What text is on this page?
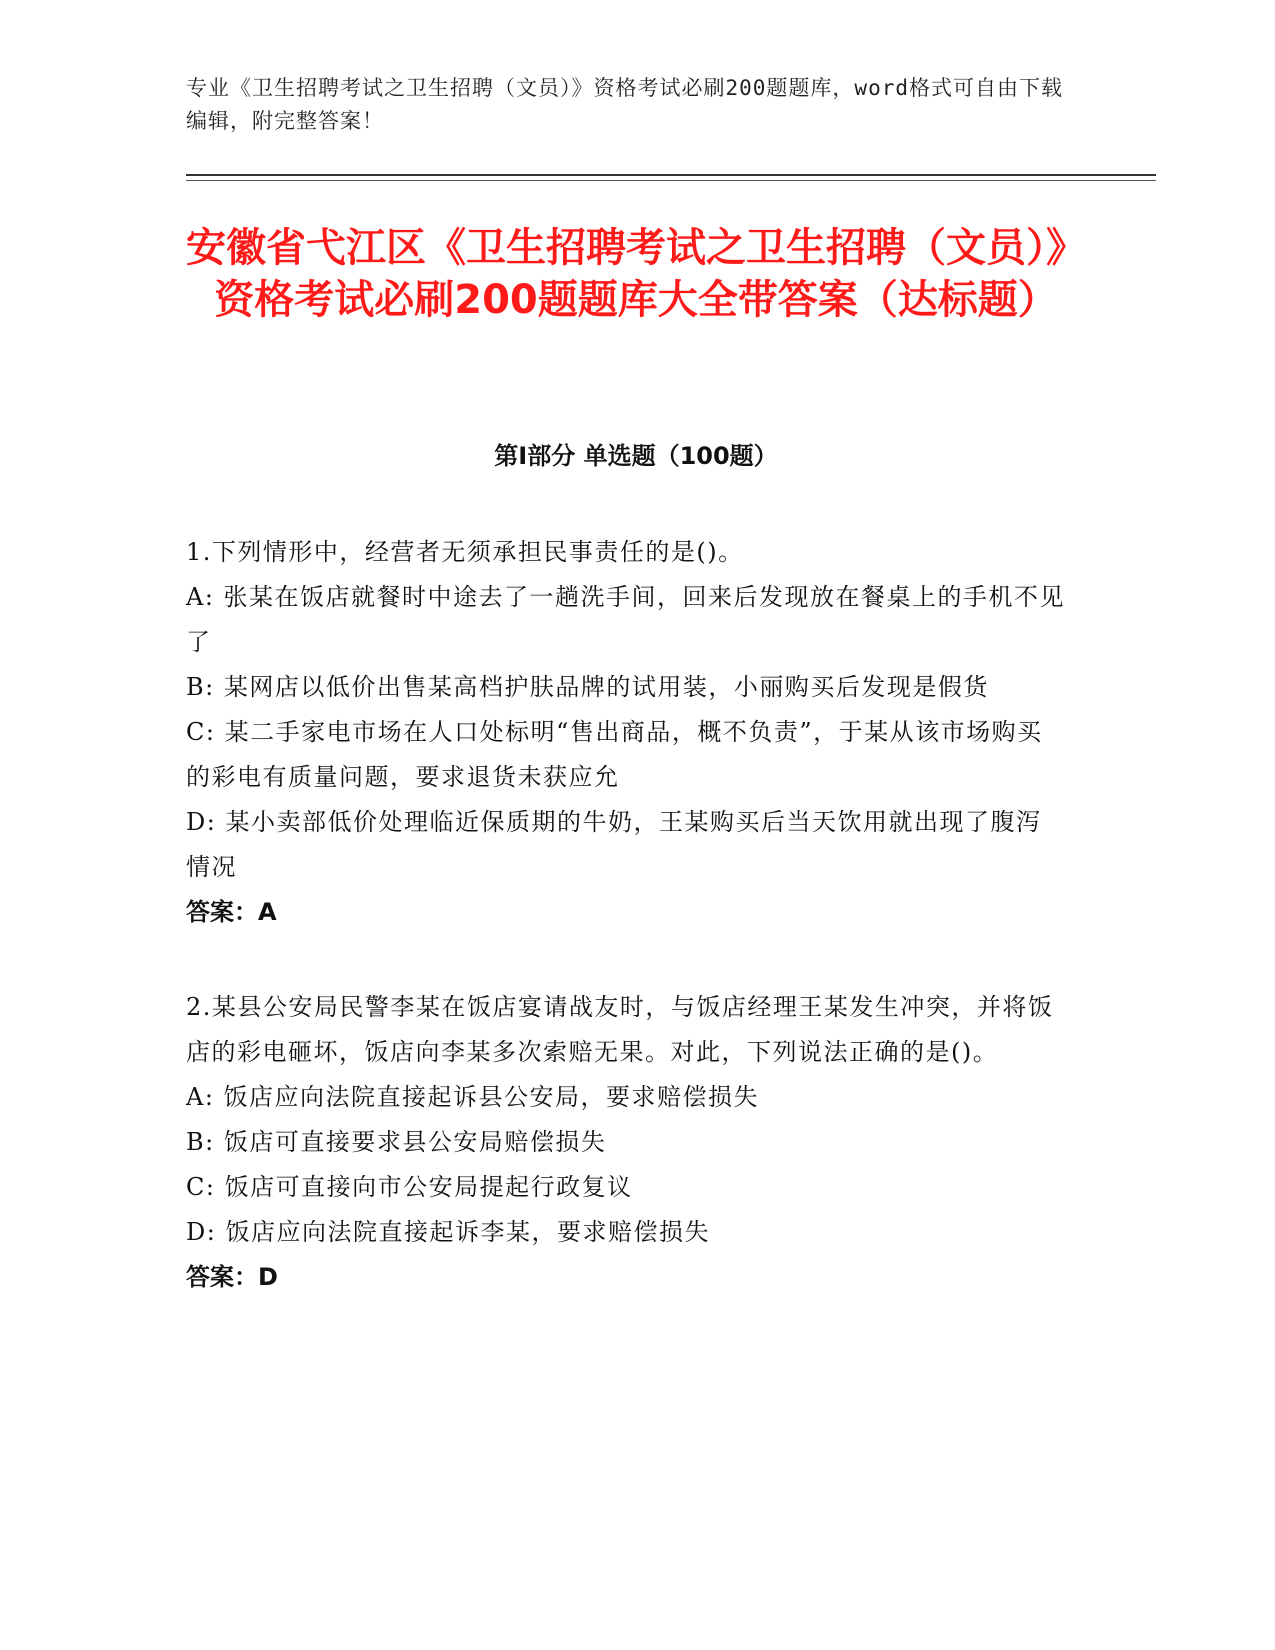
专业《卫生招聘考试之卫生招聘（文员）》资格考试必刷200题题库，word格式可自由下载编辑，附完整答案！
安徽省弋江区《卫生招聘考试之卫生招聘（文员）》资格考试必刷200题题库大全带答案（达标题）
第I部分 单选题（100题）
1.下列情形中，经营者无须承担民事责任的是()。
A: 张某在饭店就餐时中途去了一趟洗手间，回来后发现放在餐桌上的手机不见了
B: 某网店以低价出售某高档护肤品牌的试用装，小丽购买后发现是假货
C: 某二手家电市场在人口处标明“售出商品，概不负责”，于某从该市场购买的彩电有质量问题，要求退货未获应允
D: 某小卖部低价处理临近保质期的牛奶，王某购买后当天饮用就出现了腹泻情况
答案：A
2.某县公安局民警李某在饭店宴请战友时，与饭店经理王某发生冲突，并将饭店的彩电砸坏，饭店向李某多次索赔无果。对此，下列说法正确的是()。
A: 饭店应向法院直接起诉县公安局，要求赔偿损失
B: 饭店可直接要求县公安局赔偿损失
C: 饭店可直接向市公安局提起行政复议
D: 饭店应向法院直接起诉李某，要求赔偿损失
答案：D
